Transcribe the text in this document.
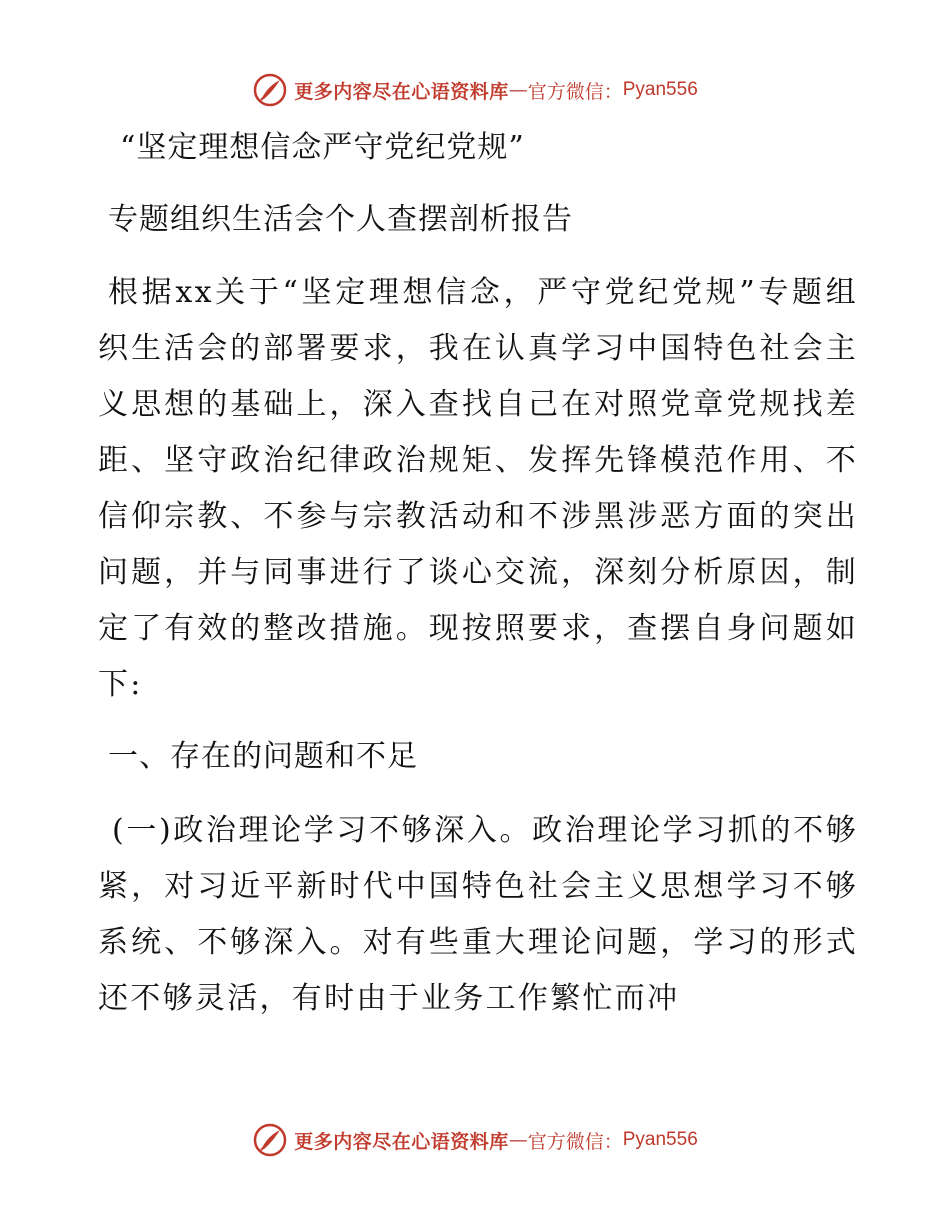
更多内容尽在心语资料库 — 官方微信： Pyan556
“坚定理想信念严守党纪党规”
专题组织生活会个人查摆剖析报告

根据xx关于“坚定理想信念，严守党纪党规”专题组织生活会的部署要求，我在认真学习中国特色社会主义思想的基础上，深入查找自己在对照党章党规找差距、坚守政治纪律政治规矩、发挥先锋模范作用、不信仰宗教、不参与宗教活动和不涉黑涉恶方面的突出问题，并与同事进行了谈心交流，深刻分析原因，制定了有效的整改措施。现按照要求，查摆自身问题如下:

一、存在的问题和不足

(一)政治理论学习不够深入。政治理论学习抓的不够紧，对习近平新时代中国特色社会主义思想学习不够系统、不够深入。对有些重大理论问题，学习的形式还不够灵活，有时由于业务工作繁忙而冲

更多内容尽在心语资料库 — 官方微信： Pyan556
